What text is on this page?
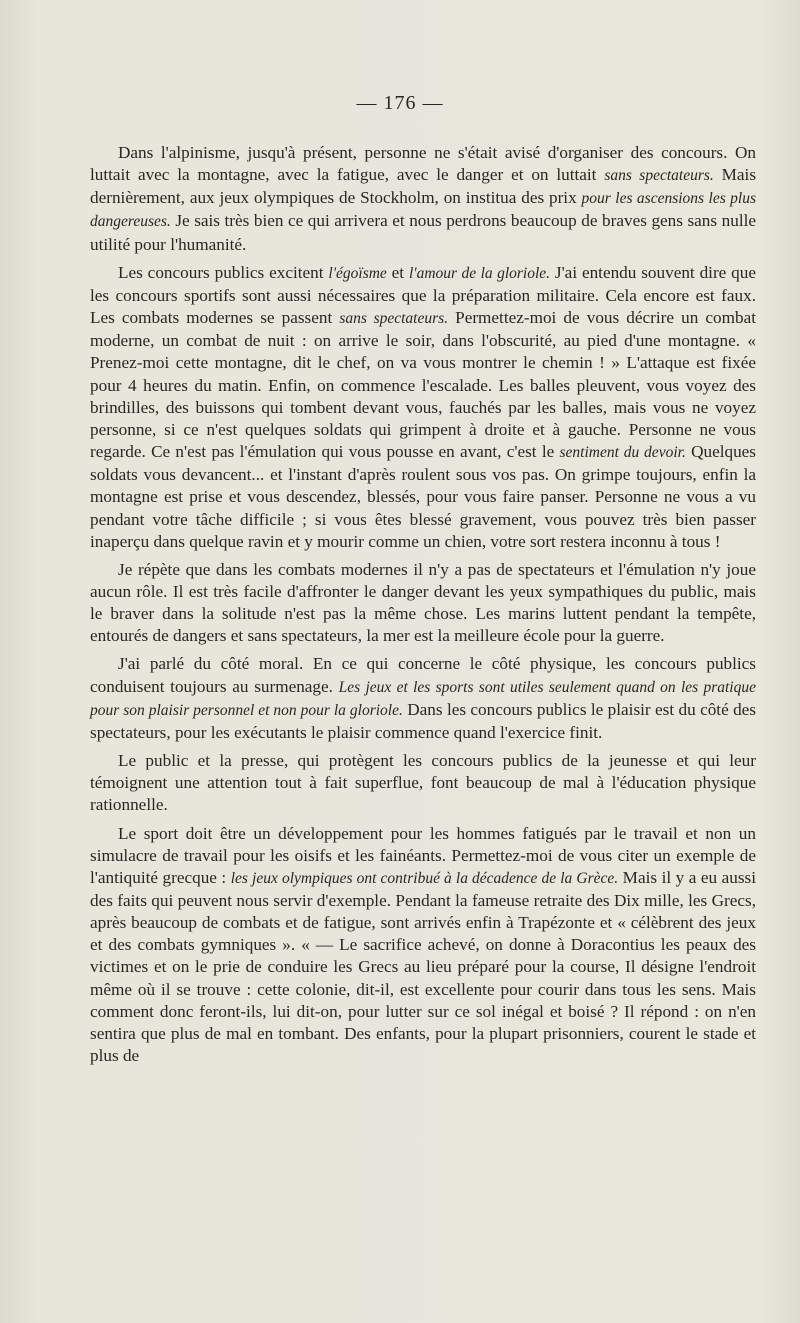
— 176 —

Dans l'alpinisme, jusqu'à présent, personne ne s'était avisé d'organiser des concours. On luttait avec la montagne, avec la fatigue, avec le danger et on luttait sans spectateurs. Mais dernièrement, aux jeux olympiques de Stockholm, on institua des prix pour les ascensions les plus dangereuses. Je sais très bien ce qui arrivera et nous perdrons beaucoup de braves gens sans nulle utilité pour l'humanité.

Les concours publics excitent l'égoïsme et l'amour de la gloriole. J'ai entendu souvent dire que les concours sportifs sont aussi nécessaires que la préparation militaire. Cela encore est faux. Les combats modernes se passent sans spectateurs. Permettez-moi de vous décrire un combat moderne, un combat de nuit : on arrive le soir, dans l'obscurité, au pied d'une montagne. « Prenez-moi cette montagne, dit le chef, on va vous montrer le chemin ! » L'attaque est fixée pour 4 heures du matin. Enfin, on commence l'escalade. Les balles pleuvent, vous voyez des brindilles, des buissons qui tombent devant vous, fauchés par les balles, mais vous ne voyez personne, si ce n'est quelques soldats qui grimpent à droite et à gauche. Personne ne vous regarde. Ce n'est pas l'émulation qui vous pousse en avant, c'est le sentiment du devoir. Quelques soldats vous devancent... et l'instant d'après roulent sous vos pas. On grimpe toujours, enfin la montagne est prise et vous descendez, blessés, pour vous faire panser. Personne ne vous a vu pendant votre tâche difficile ; si vous êtes blessé gravement, vous pouvez très bien passer inaperçu dans quelque ravin et y mourir comme un chien, votre sort restera inconnu à tous !

Je répète que dans les combats modernes il n'y a pas de spectateurs et l'émulation n'y joue aucun rôle. Il est très facile d'affronter le danger devant les yeux sympathiques du public, mais le braver dans la solitude n'est pas la même chose. Les marins luttent pendant la tempête, entourés de dangers et sans spectateurs, la mer est la meilleure école pour la guerre.

J'ai parlé du côté moral. En ce qui concerne le côté physique, les concours publics conduisent toujours au surmenage. Les jeux et les sports sont utiles seulement quand on les pratique pour son plaisir personnel et non pour la gloriole. Dans les concours publics le plaisir est du côté des spectateurs, pour les exécutants le plaisir commence quand l'exercice finit.

Le public et la presse, qui protègent les concours publics de la jeunesse et qui leur témoignent une attention tout à fait superflue, font beaucoup de mal à l'éducation physique rationnelle.

Le sport doit être un développement pour les hommes fatigués par le travail et non un simulacre de travail pour les oisifs et les fainéants. Permettez-moi de vous citer un exemple de l'antiquité grecque : les jeux olympiques ont contribué à la décadence de la Grèce. Mais il y a eu aussi des faits qui peuvent nous servir d'exemple. Pendant la fameuse retraite des Dix mille, les Grecs, après beaucoup de combats et de fatigue, sont arrivés enfin à Trapézonte et « célèbrent des jeux et des combats gymniques ». « — Le sacrifice achevé, on donne à Doracontius les peaux des victimes et on le prie de conduire les Grecs au lieu préparé pour la course, Il désigne l'endroit même où il se trouve : cette colonie, dit-il, est excellente pour courir dans tous les sens. Mais comment donc feront-ils, lui dit-on, pour lutter sur ce sol inégal et boisé ? Il répond : on n'en sentira que plus de mal en tombant. Des enfants, pour la plupart prisonniers, courent le stade et plus de
